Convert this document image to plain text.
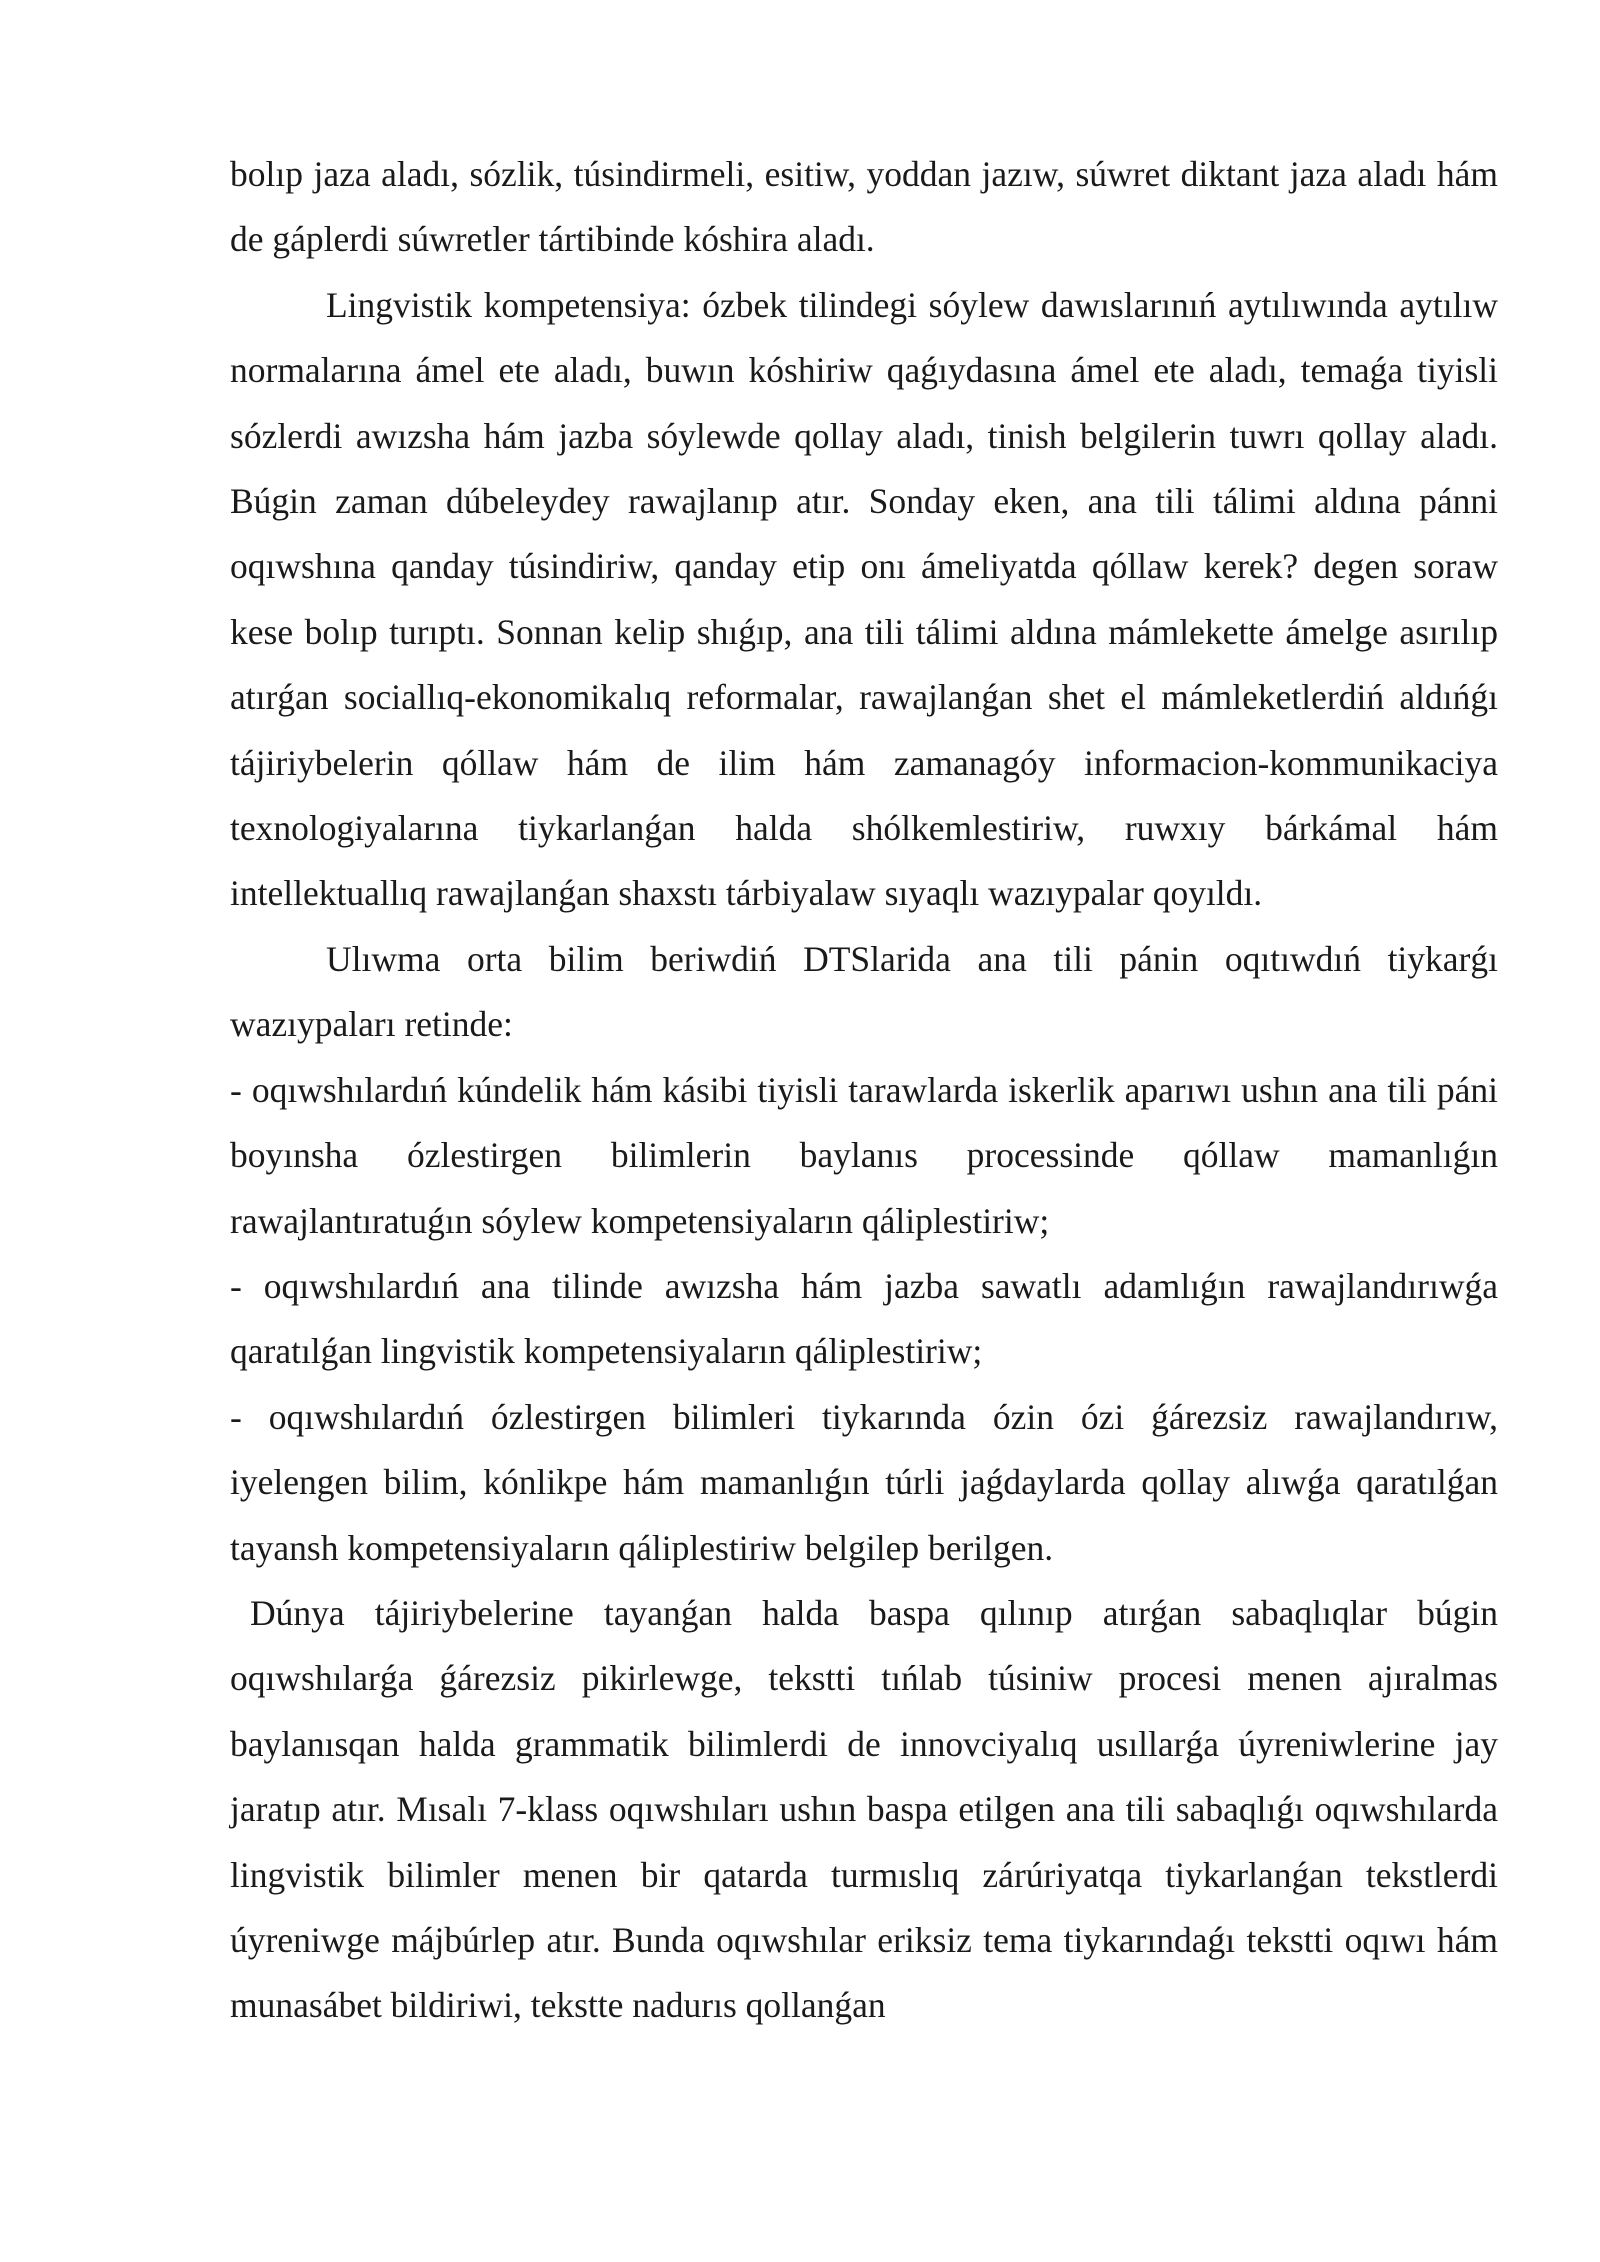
bolıp jaza aladı, sózlik, túsindirmeli, esitiw, yoddan jazıw, súwret diktant jaza aladı hám de gáplerdi súwretler tártibinde kóshira aladı.

Lingvistik kompetensiya: ózbek tilindegi sóylew dawıslarınıń aytılıwında aytılıw normalarına ámel ete aladı, buwın kóshiriw qaǵıydasına ámel ete aladı, temaǵa tiyisli sózlerdi awızsha hám jazba sóylewde qollay aladı, tinish belgilerin tuwrı qollay aladı. Búgin zaman dúbeleydey rawajlanıp atır. Sonday eken, ana tili tálimi aldına pánni oqıwshına qanday túsindiriw, qanday etip onı ámeliyatda qóllaw kerek? degen soraw kese bolıp turıptı. Sonnan kelip shıǵıp, ana tili tálimi aldına mámlekette ámelge asırılıp atırǵan sociallıq-ekonomikalıq reformalar, rawajlanǵan shet el mámleketlerdiń aldıńǵı tájiriybelerin qóllaw hám de ilim hám zamanagóy informacion-kommunikaciya texnologiyalarına tiykarlanǵan halda shólkemlestiriw, ruwxıy bárkámal hám intellektuallıq rawajlanǵan shaxstı tárbiyalaw sıyaqlı wazıypalar qoyıldı.

Ulıwma orta bilim beriwdiń DTSlarida ana tili pánin oqıtıwdıń tiykarǵı wazıypaları retinde:

- oqıwshılardıń kúndelik hám kásibi tiyisli tarawlarda iskerlik aparıwı ushın ana tili páni boyınsha ózlestirgen bilimlerin baylanıs processinde qóllaw mamanlıǵın rawajlantıratuǵın sóylew kompetensiyaların qáliplestiriw;

- oqıwshılardıń ana tilinde awızsha hám jazba sawatlı adamlıǵın rawajlandırıwǵa qaratılǵan lingvistik kompetensiyaların qáliplestiriw;

- oqıwshılardıń ózlestirgen bilimleri tiykarında ózin ózi ǵárezsiz rawajlandırıw, iyelengen bilim, kónlikpe hám mamanlıǵın túrli jaǵdaylarda qollay alıwǵa qaratılǵan tayansh kompetensiyaların qáliplestiriw belgilep berilgen.

Dúnya tájiriybelerine tayanǵan halda baspa qılınıp atırǵan sabaqlıqlar búgin oqıwshılarǵa ǵárezsiz pikirlewge, tekstti tıńlab túsiniw procesi menen ajıralmas baylanısqan halda grammatik bilimlerdi de innovciyalıq usıllarǵa úyreniwlerine jay jaratıp atır. Mısalı 7-klass oqıwshıları ushın baspa etilgen ana tili sabaqlıǵı oqıwshılarda lingvistik bilimler menen bir qatarda turmıslıq zárúriyatqa tiykarlanǵan tekstlerdi úyreniwge májbúrlep atır. Bunda oqıwshılar eriksiz tema tiykarındaǵı tekstti oqıwı hám munasábet bildiriwi, tekstte nadurıs qollanǵan
